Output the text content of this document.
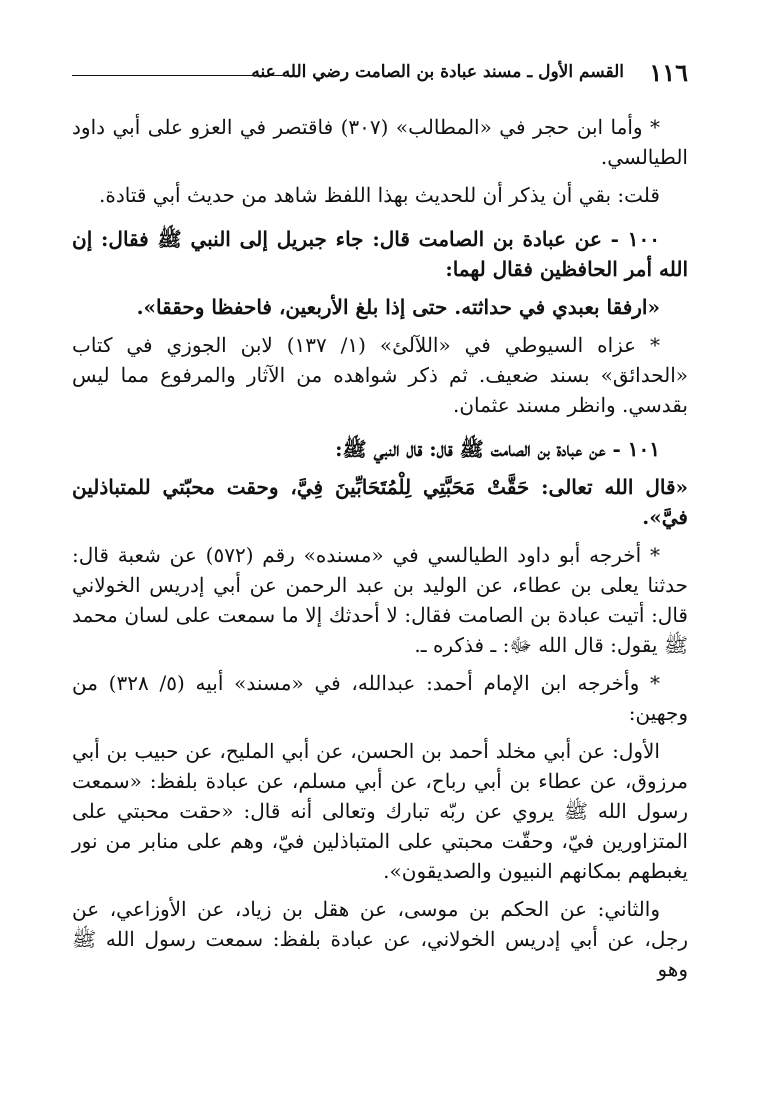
١١٦
القسم الأول ـ مسند عبادة بن الصامت رضي الله عنه

* وأما ابن حجر في «المطالب» (٣٠٧) فاقتصر في العزو على أبي داود الطيالسي.

قلت: بقي أن يذكر أن للحديث بهذا اللفظ شاهد من حديث أبي قتادة.

١٠٠ - عن عبادة بن الصامت قال: جاء جبريل إلى النبي ﷺ فقال: إن الله أمر الحافظين فقال لهما:

«ارفقا بعبدي في حداثته. حتى إذا بلغ الأربعين، فاحفظا وحققا».

* عزاه السيوطي في «اللآلئ» (١/ ١٣٧) لابن الجوزي في كتاب «الحدائق» بسند ضعيف. ثم ذكر شواهده من الآثار والمرفوع مما ليس بقدسي. وانظر مسند عثمان.

١٠١ - عن عبادة بن الصامت ﷺ قال: قال النبي ﷺ:

«قال الله تعالى: حَقَّتْ مَحَبَّتِي لِلْمُتَحَابِّينَ فِيَّ، وحقت محبّتي للمتباذلين فيَّ».

* أخرجه أبو داود الطيالسي في «مسنده» رقم (٥٧٢) عن شعبة قال: حدثنا يعلى بن عطاء، عن الوليد بن عبد الرحمن عن أبي إدريس الخولاني قال: أتيت عبادة بن الصامت فقال: لا أحدثك إلا ما سمعت على لسان محمد ﷺ يقول: قال الله ﷻ: ـ فذكره ـ.

* وأخرجه ابن الإمام أحمد: عبدالله، في «مسند» أبيه (٥/ ٣٢٨) من وجهين:

الأول: عن أبي مخلد أحمد بن الحسن، عن أبي المليح، عن حبيب بن أبي مرزوق، عن عطاء بن أبي رباح، عن أبي مسلم، عن عبادة بلفظ: «سمعت رسول الله ﷺ يروي عن ربّه تبارك وتعالى أنه قال: «حقت محبتي على المتزاورين فيّ، وحقّت محبتي على المتباذلين فيّ، وهم على منابر من نور يغبطهم بمكانهم النبيون والصديقون».

والثاني: عن الحكم بن موسى، عن هقل بن زياد، عن الأوزاعي، عن رجل، عن أبي إدريس الخولاني، عن عبادة بلفظ: سمعت رسول الله ﷺ وهو
